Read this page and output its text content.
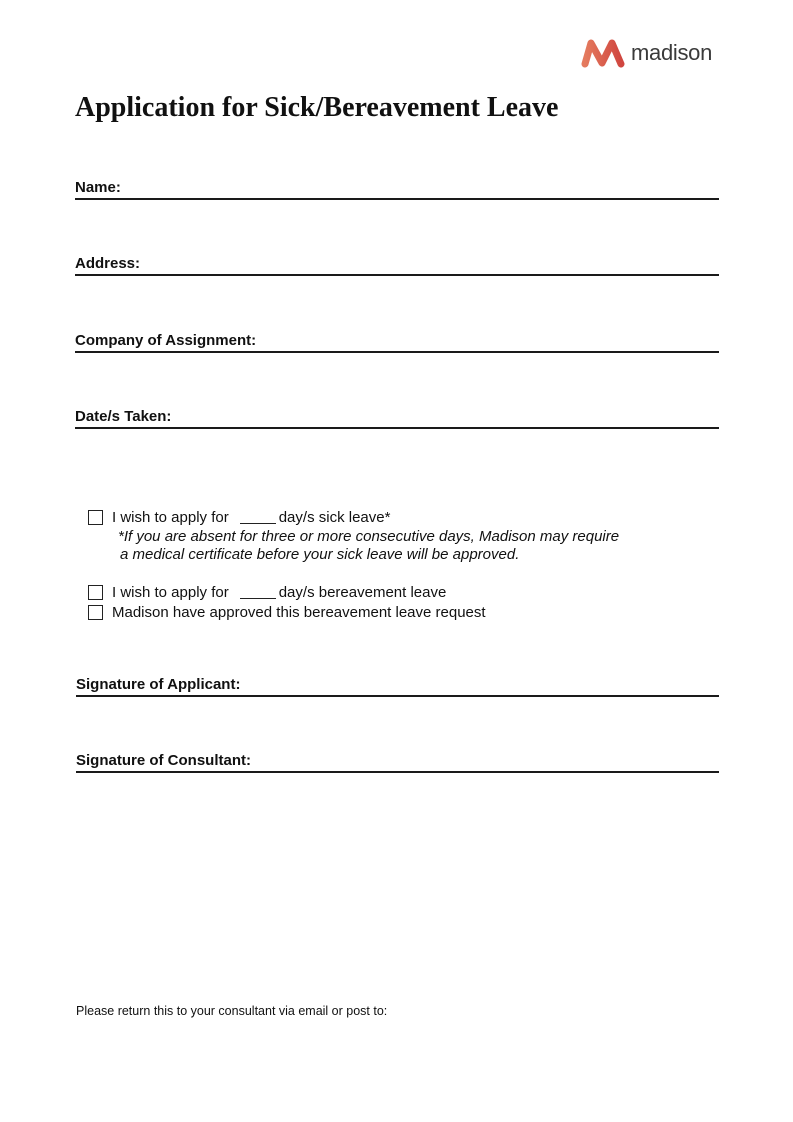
madison
Application for Sick/Bereavement Leave
Name:
Address:
Company of Assignment:
Date/s Taken:
I wish to apply for	day/s sick leave*
*If you are absent for three or more consecutive days, Madison may require
a medical certificate before your sick leave will be approved.
I wish to apply for	day/s bereavement leave
Madison have approved this bereavement leave request
Signature of Applicant:
Signature of Consultant:
Please return this to your consultant via email or post to:
